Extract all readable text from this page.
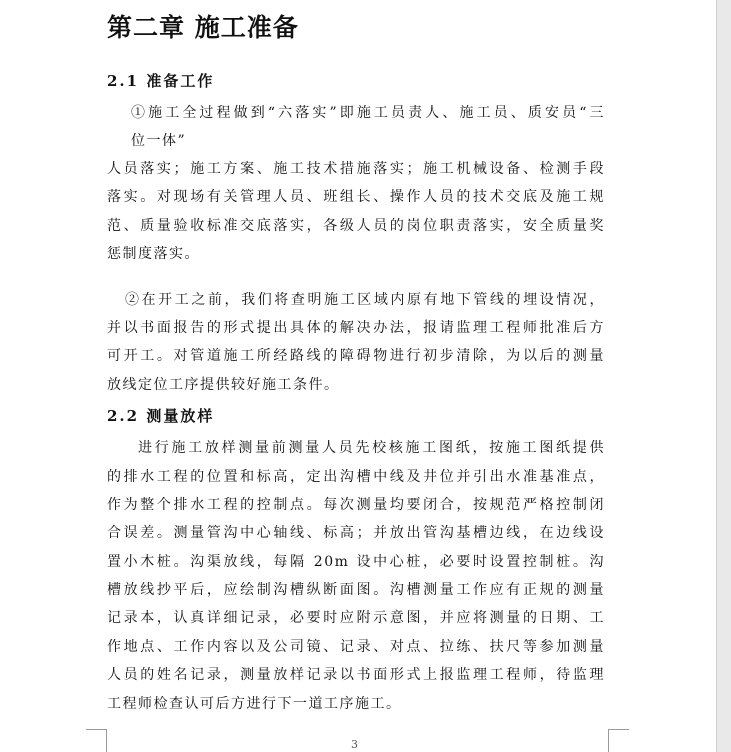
第二章 施工准备
2.1 准备工作

①施工全过程做到“六落实”即施工员责人、施工员、质安员“三

位一体”

人员落实；施工方案、施工技术措施落实；施工机械设备、检测手段

落实。对现场有关管理人员、班组长、操作人员的技术交底及施工规

范、质量验收标准交底落实，各级人员的岗位职责落实，安全质量奖

惩制度落实。

②在开工之前，我们将查明施工区域内原有地下管线的埋设情况，

并以书面报告的形式提出具体的解决办法，报请监理工程师批准后方

可开工。对管道施工所经路线的障碍物进行初步清除，为以后的测量

放线定位工序提供较好施工条件。

2.2 测量放样

进行施工放样测量前测量人员先校核施工图纸，按施工图纸提供

的排水工程的位置和标高，定出沟槽中线及井位并引出水准基准点，

作为整个排水工程的控制点。每次测量均要闭合，按规范严格控制闭

合误差。测量管沟中心轴线、标高；并放出管沟基槽边线，在边线设

置小木桩。沟渠放线，每隔 20m 设中心桩，必要时设置控制桩。沟

槽放线抄平后，应绘制沟槽纵断面图。沟槽测量工作应有正规的测量

记录本，认真详细记录，必要时应附示意图，并应将测量的日期、工

作地点、工作内容以及公司镜、记录、对点、拉练、扶尺等参加测量

人员的姓名记录，测量放样记录以书面形式上报监理工程师，待监理

工程师检查认可后方进行下一道工序施工。

3
